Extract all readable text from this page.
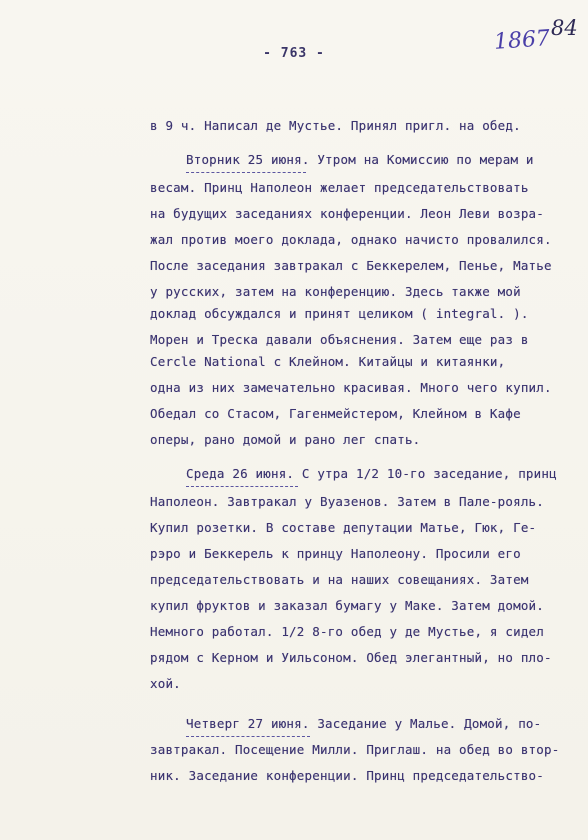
- 763 -	1867 84
в 9 ч. Написал де Мустье. Принял пригл. на обед.
Вторник 25 июня. Утром на Комиссию по мерам и
весам. Принц Наполеон желает председательствовать
на будущих заседаниях конференции. Леон Леви возра-
жал против моего доклада, однако начисто провалился.
После заседания завтракал с Беккерелем, Пенье, Матье
у русских, затем на конференцию. Здесь также мой
доклад обсуждался и принят целиком ( integral. ).
Морен и Треска давали объяснения. Затем еще раз в
Cercle National с Клейном. Китайцы и китаянки,
одна из них замечательно красивая. Много чего купил.
Обедал со Стасом, Гагенмейстером, Клейном в Кафе
оперы, рано домой и рано лег спать.
Среда 26 июня. С утра 1/2 10-го заседание, принц
Наполеон. Завтракал у Вуазенов. Затем в Пале-рояль.
Купил розетки. В составе депутации Матье, Гюк, Ге-
рэро и Беккерель к принцу Наполеону. Просили его
председательствовать и на наших совещаниях. Затем
купил фруктов и заказал бумагу у Маке. Затем домой.
Немного работал. 1/2 8-го обед у де Мустье, я сидел
рядом с Керном и Уильсоном. Обед элегантный, но пло-
хой.
Четверг 27 июня. Заседание у Малье. Домой, по-
завтракал. Посещение Милли. Приглаш. на обед во втор-
ник. Заседание конференции. Принц председательство-
